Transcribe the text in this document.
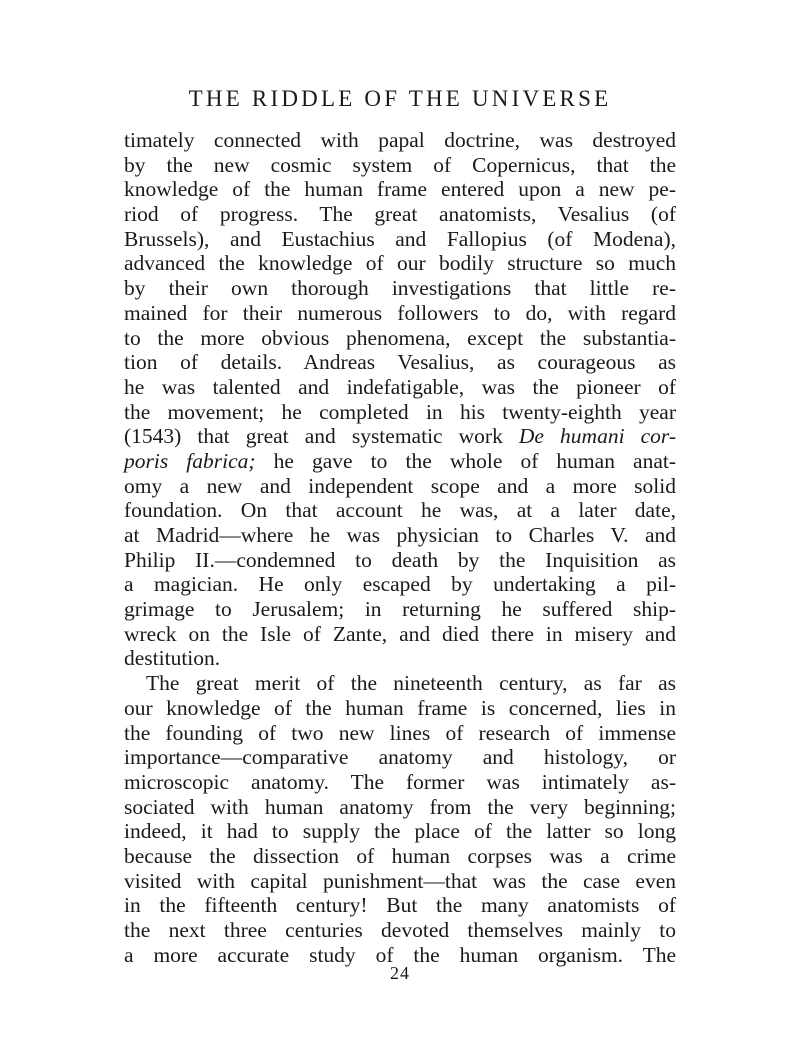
THE RIDDLE OF THE UNIVERSE
timately connected with papal doctrine, was destroyed
by the new cosmic system of Copernicus, that the
knowledge of the human frame entered upon a new pe-
riod of progress. The great anatomists, Vesalius (of
Brussels), and Eustachius and Fallopius (of Modena),
advanced the knowledge of our bodily structure so much
by their own thorough investigations that little re-
mained for their numerous followers to do, with regard
to the more obvious phenomena, except the substantia-
tion of details. Andreas Vesalius, as courageous as
he was talented and indefatigable, was the pioneer of
the movement; he completed in his twenty-eighth year
(1543) that great and systematic work De humani cor-
poris fabrica; he gave to the whole of human anat-
omy a new and independent scope and a more solid
foundation. On that account he was, at a later date,
at Madrid—where he was physician to Charles V. and
Philip II.—condemned to death by the Inquisition as
a magician. He only escaped by undertaking a pil-
grimage to Jerusalem; in returning he suffered ship-
wreck on the Isle of Zante, and died there in misery and
destitution.
The great merit of the nineteenth century, as far as
our knowledge of the human frame is concerned, lies in
the founding of two new lines of research of immense
importance—comparative anatomy and histology, or
microscopic anatomy. The former was intimately as-
sociated with human anatomy from the very beginning;
indeed, it had to supply the place of the latter so long
because the dissection of human corpses was a crime
visited with capital punishment—that was the case even
in the fifteenth century! But the many anatomists of
the next three centuries devoted themselves mainly to
a more accurate study of the human organism. The
24
